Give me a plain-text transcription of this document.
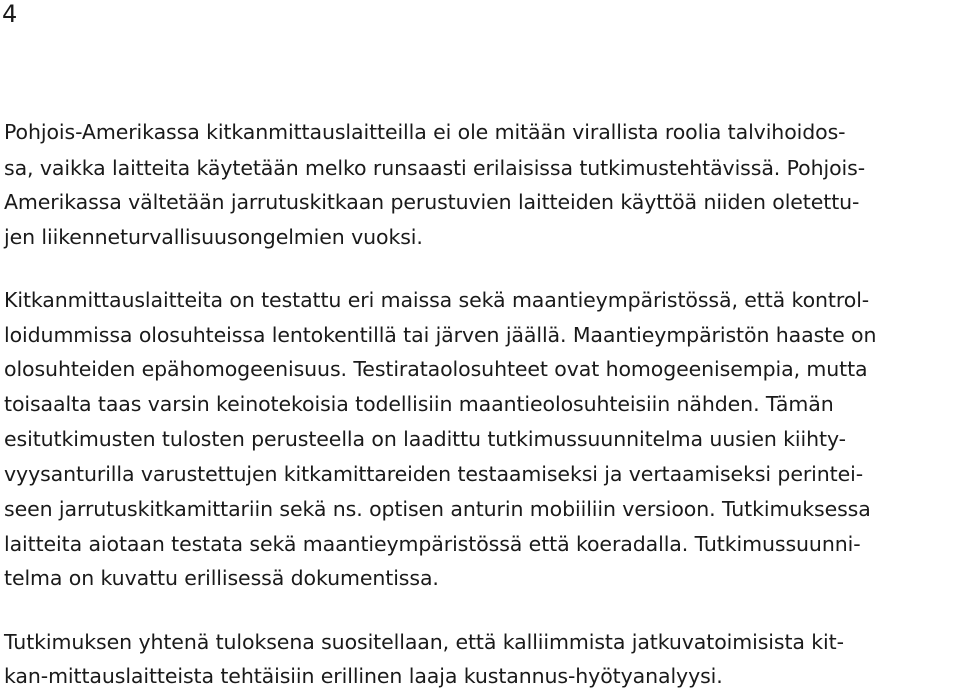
4
Pohjois-Amerikassa kitkanmittauslaitteilla ei ole mitään virallista roolia talvihoidos-
sa, vaikka laitteita käytetään melko runsaasti erilaisissa tutkimustehtävissä. Pohjois-
Amerikassa vältetään jarrutuskitkaan perustuvien laitteiden käyttöä niiden oletettu-
jen liikenneturvallisuusongelmien vuoksi.
Kitkanmittauslaitteita on testattu eri maissa sekä maantieympäristössä, että kontrol-
loidummissa olosuhteissa lentokentillä tai järven jäällä. Maantieympäristön haaste on
olosuhteiden epähomogeenisuus. Testirataolosuhteet ovat homogeenisempia, mutta
toisaalta taas varsin keinotekoisia todellisiin maantieolosuhteisiin nähden. Tämän
esitutkimusten tulosten perusteella on laadittu tutkimussuunnitelma uusien kiihty-
vyysanturilla varustettujen kitkamittareiden testaamiseksi ja vertaamiseksi perintei-
seen jarrutuskitkamittariin sekä ns. optisen anturin mobiiliin versioon. Tutkimuksessa
laitteita aiotaan testata sekä maantieympäristössä että koeradalla. Tutkimussuunni-
telma on kuvattu erillisessä dokumentissa.
Tutkimuksen yhtenä tuloksena suositellaan, että kalliimmista jatkuvatoimisista kit-
kan-mittauslaitteista tehtäisiin erillinen laaja kustannus-hyötyanalyysi.
